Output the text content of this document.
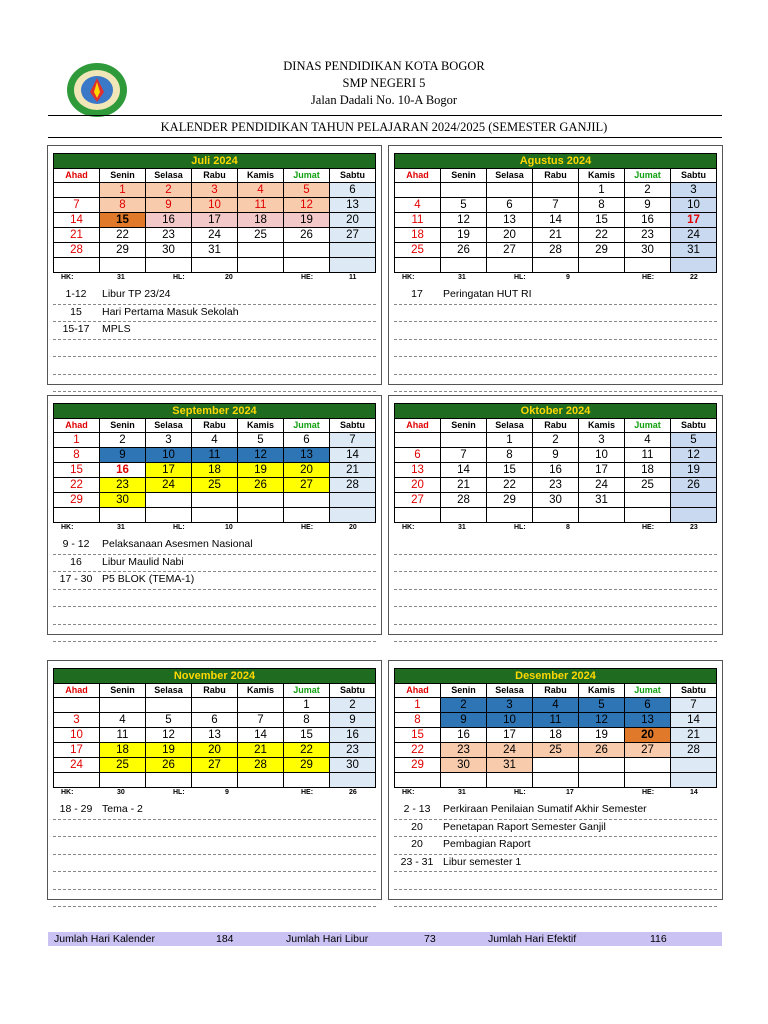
DINAS PENDIDIKAN KOTA BOGOR
SMP NEGERI 5
Jalan Dadali No. 10-A Bogor
KALENDER PENDIDIKAN TAHUN PELAJARAN 2024/2025 (SEMESTER GANJIL)
Juli 2024
Ahad	Senin	Selasa	Rabu	Kamis	Jumat	Sabtu
	1	2	3	4	5	6
7	8	9	10	11	12	13
14	15	16	17	18	19	20
21	22	23	24	25	26	27
28	29	30	31			

HK:	31	HL:	20	HE:	11
1-12	Libur TP 23/24
15	Hari Pertama Masuk Sekolah
15-17	MPLS
Agustus 2024
Ahad	Senin	Selasa	Rabu	Kamis	Jumat	Sabtu
				1	2	3
4	5	6	7	8	9	10
11	12	13	14	15	16	17
18	19	20	21	22	23	24
25	26	27	28	29	30	31

HK:	31	HL:	9	HE:	22
17	Peringatan HUT RI
September 2024
Ahad	Senin	Selasa	Rabu	Kamis	Jumat	Sabtu
1	2	3	4	5	6	7
8	9	10	11	12	13	14
15	16	17	18	19	20	21
22	23	24	25	26	27	28
29	30					

HK:	31	HL:	10	HE:	20
9 - 12	Pelaksanaan Asesmen Nasional
16	Libur Maulid Nabi
17 - 30 P5 BLOK (TEMA-1)
Oktober 2024
Ahad	Senin	Selasa	Rabu	Kamis	Jumat	Sabtu
		1	2	3	4	5
6	7	8	9	10	11	12
13	14	15	16	17	18	19
20	21	22	23	24	25	26
27	28	29	30	31		

HK:	31	HL:	8	HE:	23
November 2024
Ahad	Senin	Selasa	Rabu	Kamis	Jumat	Sabtu
					1	2
3	4	5	6	7	8	9
10	11	12	13	14	15	16
17	18	19	20	21	22	23
24	25	26	27	28	29	30

HK:	30	HL:	9	HE:	26
18 - 29 Tema - 2
Desember 2024
Ahad	Senin	Selasa	Rabu	Kamis	Jumat	Sabtu
1	2	3	4	5	6	7
8	9	10	11	12	13	14
15	16	17	18	19	20	21
22	23	24	25	26	27	28
29	30	31				

HK:	31	HL:	17	HE:	14
2 - 13	Perkiraan Penilaian Sumatif Akhir Semester
20	Penetapan Raport Semester Ganjil
20	Pembagian Raport
23 - 31 Libur semester 1
Jumlah Hari Kalender	184	Jumlah Hari Libur	73	Jumlah Hari Efektif	116
